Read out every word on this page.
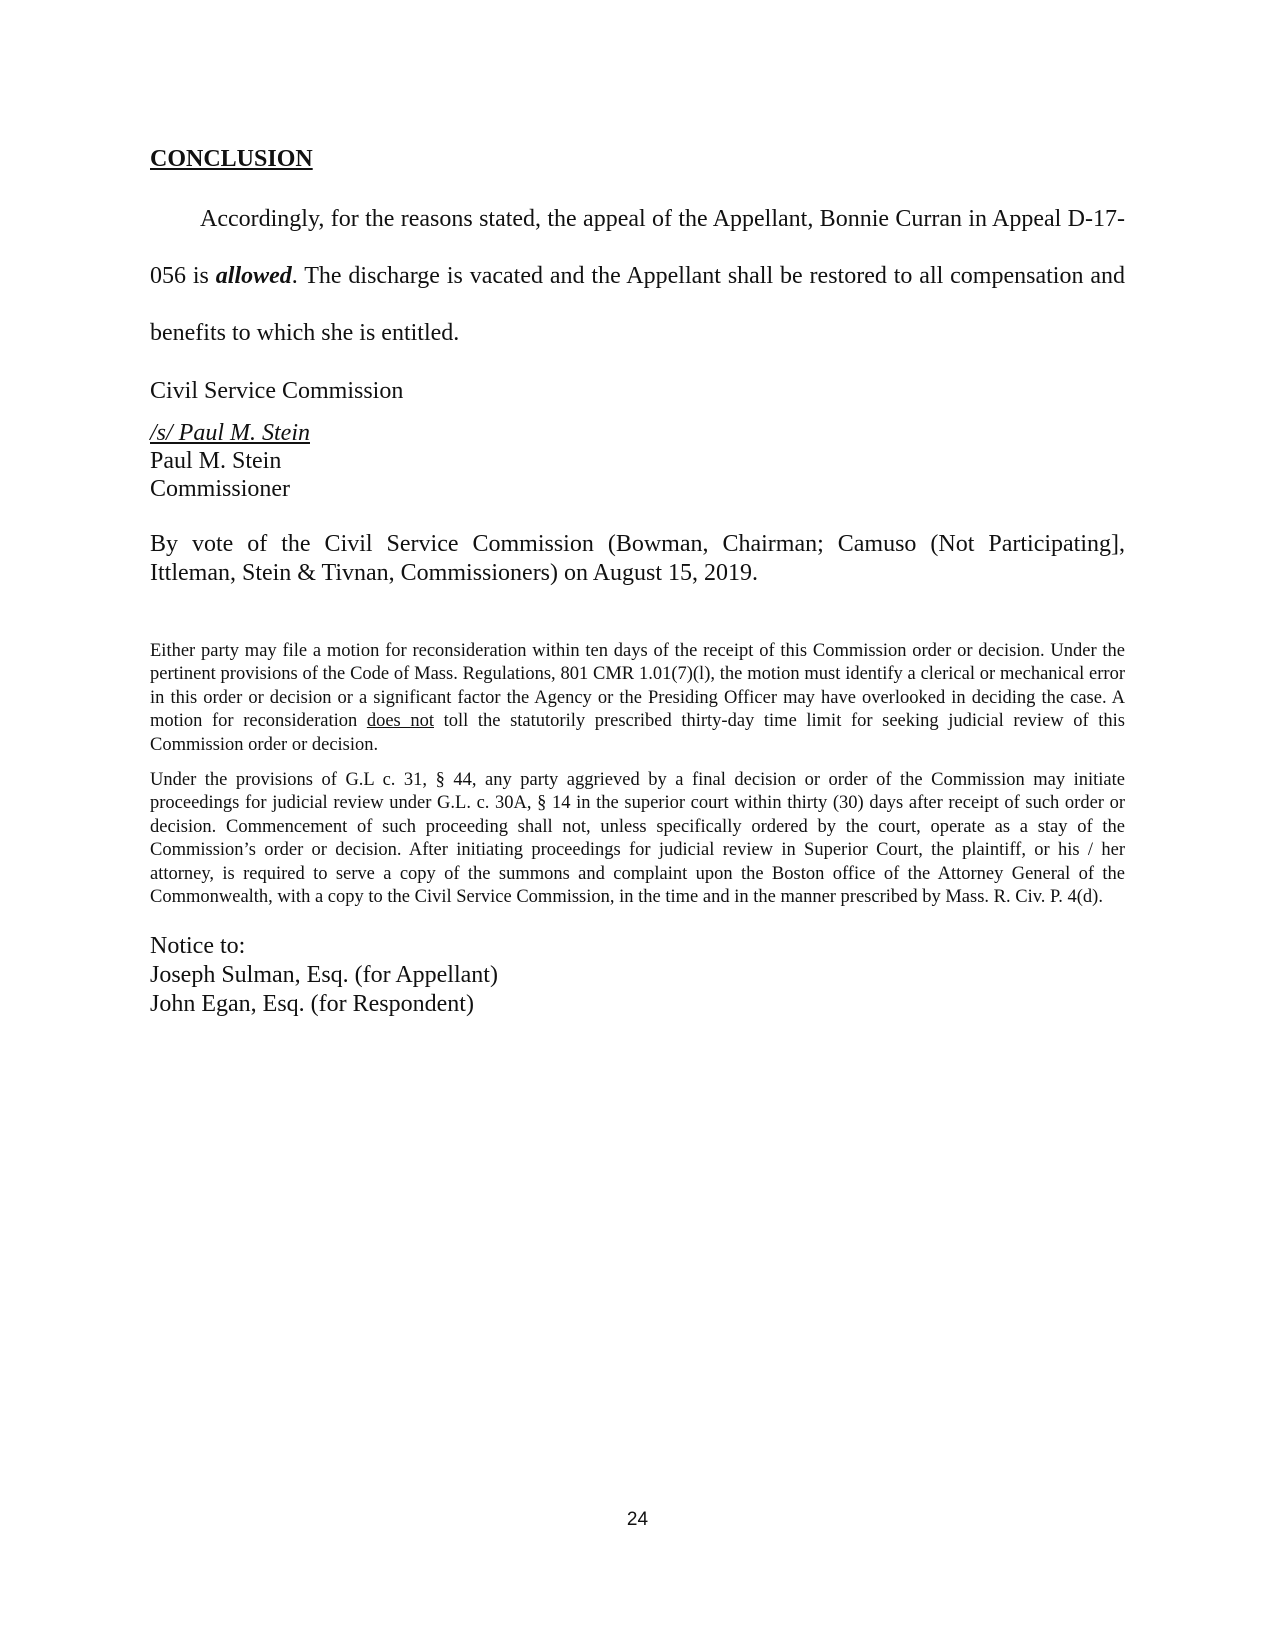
CONCLUSION

Accordingly, for the reasons stated, the appeal of the Appellant, Bonnie Curran in Appeal D-17-056 is allowed. The discharge is vacated and the Appellant shall be restored to all compensation and benefits to which she is entitled.

Civil Service Commission
/s/ Paul M. Stein
Paul M. Stein
Commissioner

By vote of the Civil Service Commission (Bowman, Chairman; Camuso (Not Participating], Ittleman, Stein & Tivnan, Commissioners) on August 15, 2019.

Either party may file a motion for reconsideration within ten days of the receipt of this Commission order or decision. Under the pertinent provisions of the Code of Mass. Regulations, 801 CMR 1.01(7)(l), the motion must identify a clerical or mechanical error in this order or decision or a significant factor the Agency or the Presiding Officer may have overlooked in deciding the case. A motion for reconsideration does not toll the statutorily prescribed thirty-day time limit for seeking judicial review of this Commission order or decision.

Under the provisions of G.L c. 31, § 44, any party aggrieved by a final decision or order of the Commission may initiate proceedings for judicial review under G.L. c. 30A, § 14 in the superior court within thirty (30) days after receipt of such order or decision. Commencement of such proceeding shall not, unless specifically ordered by the court, operate as a stay of the Commission’s order or decision. After initiating proceedings for judicial review in Superior Court, the plaintiff, or his / her attorney, is required to serve a copy of the summons and complaint upon the Boston office of the Attorney General of the Commonwealth, with a copy to the Civil Service Commission, in the time and in the manner prescribed by Mass. R. Civ. P. 4(d).

Notice to:
Joseph Sulman, Esq. (for Appellant)
John Egan, Esq. (for Respondent)
24
